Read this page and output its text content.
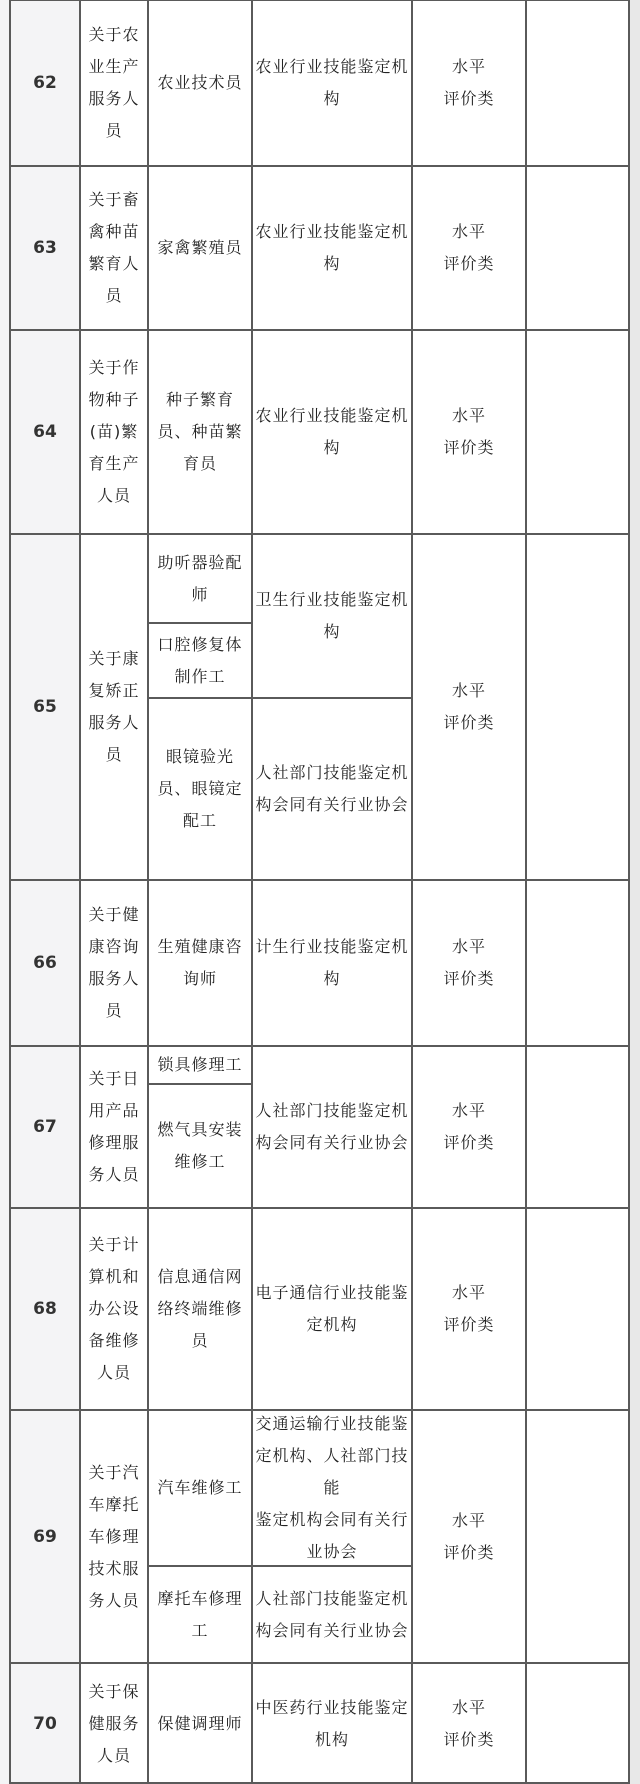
62
关于农
业生产
服务人
员
水平
评价类
农业技术员
农业行业技能鉴定机
构
63
关于畜
禽种苗
繁育人
员
水平
评价类
家禽繁殖员
农业行业技能鉴定机
构
64
关于作
物种子
(苗)繁
育生产
人员
水平
评价类
种子繁育
员、种苗繁
育员
农业行业技能鉴定机
构
65
关于康
复矫正
服务人
员
水平
评价类
助听器验配
师
口腔修复体
制作工
眼镜验光
员、眼镜定
配工
卫生行业技能鉴定机
构
人社部门技能鉴定机
构会同有关行业协会
66
关于健
康咨询
服务人
员
水平
评价类
生殖健康咨
询师
计生行业技能鉴定机
构
67
关于日
用产品
修理服
务人员
水平
评价类
锁具修理工
燃气具安装
维修工
人社部门技能鉴定机
构会同有关行业协会
68
关于计
算机和
办公设
备维修
人员
水平
评价类
信息通信网
络终端维修
员
电子通信行业技能鉴
定机构
69
关于汽
车摩托
车修理
技术服
务人员
水平
评价类
汽车维修工
摩托车修理
工
交通运输行业技能鉴
定机构、人社部门技能
鉴定机构会同有关行
业协会
人社部门技能鉴定机
构会同有关行业协会
70
关于保
健服务
人员
水平
评价类
保健调理师
中医药行业技能鉴定
机构
